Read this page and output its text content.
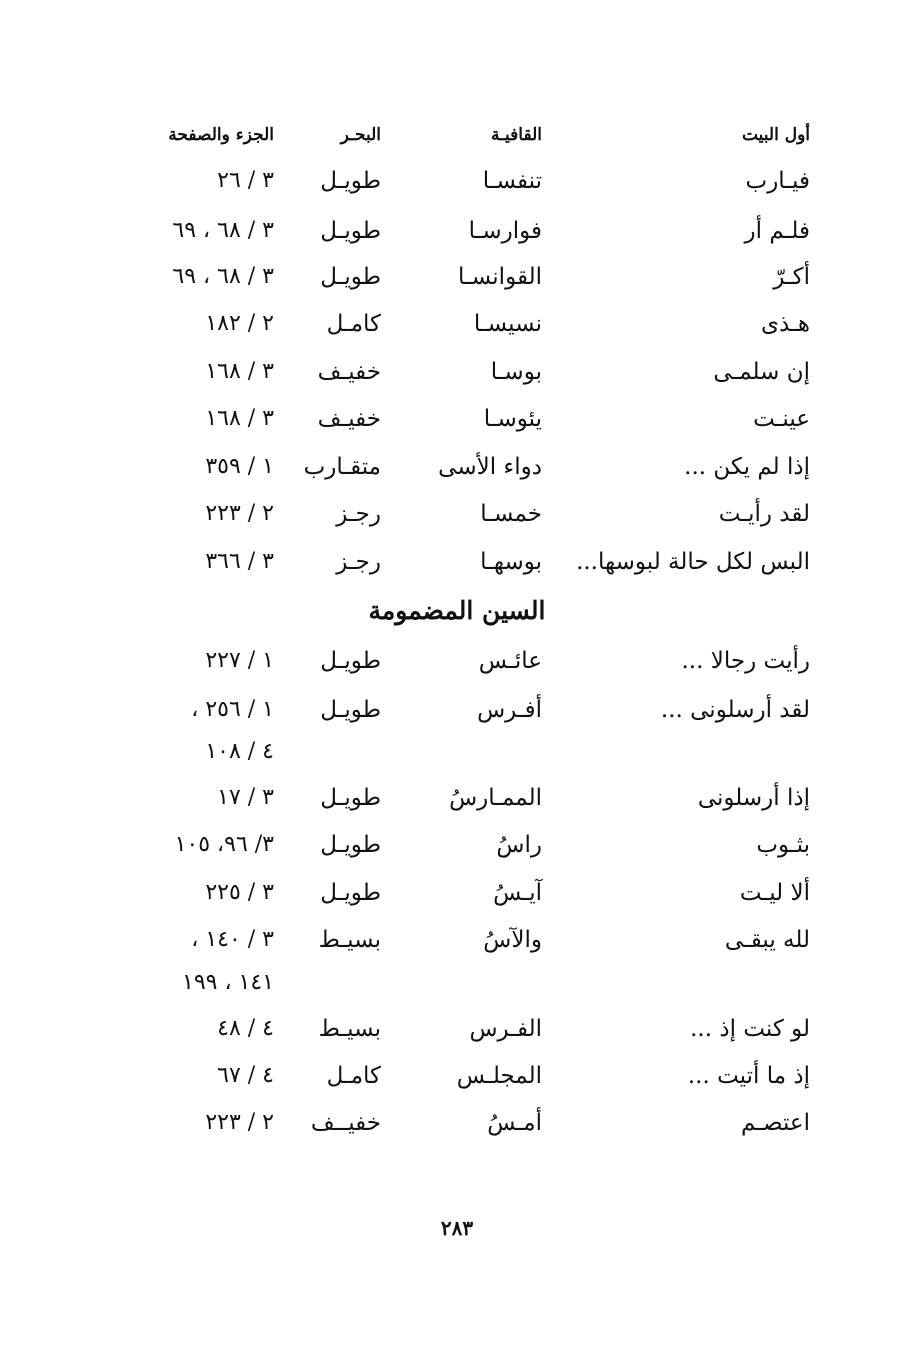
أول البيت
القافيـة
البحـر
الجزء والصفحة
فيـارب
تنفسـا
طويـل
٣ / ٢٦
فلـم أر
فوارسـا
طويـل
٣ / ٦٨ ، ٦٩
أكـرّ
القوانسـا
طويـل
٣ / ٦٨ ، ٦٩
هـذى
نسيسـا
كامـل
٢ / ١٨٢
إن سلمـى
بوسـا
خفيـف
٣ / ١٦٨
عينـت
يئوسـا
خفيـف
٣ / ١٦٨
إذا لم يكن ...
دواء الأسى
متقـارب
١ / ٣٥٩
لقد رأيـت
خمسـا
رجـز
٢ / ٢٢٣
البس لكل حالة لبوسها...
بوسهـا
رجـز
٣ / ٣٦٦
السين المضمومة
رأيت رجالا ...
عائـس
طويـل
١ / ٢٢٧
لقد أرسلونى ...
أفـرس
طويـل
١ / ٢٥٦ ،
٤ / ١٠٨
إذا أرسلونى
الممـارسُ
طويـل
٣ / ١٧
بثـوب
راسُ
طويـل
٣/ ٩٦، ١٠٥
ألا ليـت
آيـسُ
طويـل
٣ / ٢٢٥
لله يبقـى
والآسُ
بسيـط
٣ / ١٤٠ ،
١٤١ ، ١٩٩
لو كنت إذ ...
الفـرس
بسيـط
٤ / ٤٨
إذ ما أتيت ...
المجلـس
كامـل
٤ / ٦٧
اعتصـم
أمـسُ
خفيــف
٢ / ٢٢٣
٢٨٣
